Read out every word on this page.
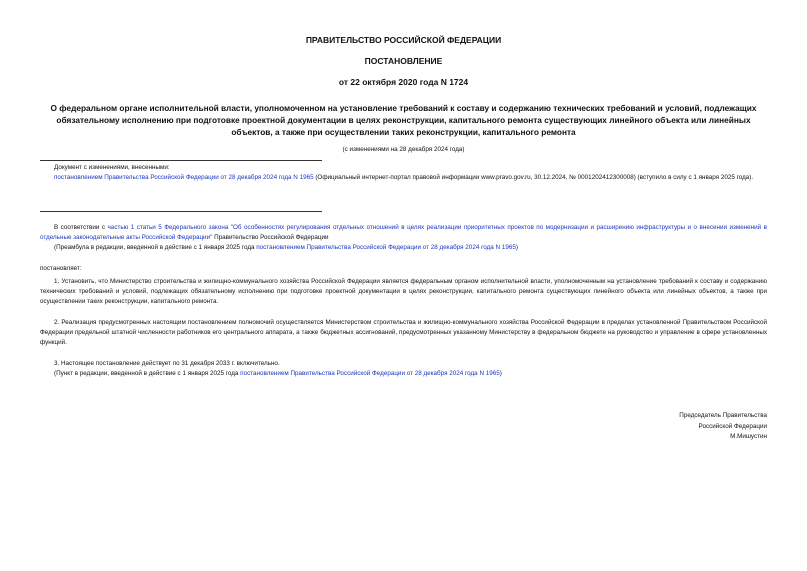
ПРАВИТЕЛЬСТВО РОССИЙСКОЙ ФЕДЕРАЦИИ
ПОСТАНОВЛЕНИЕ
от 22 октября 2020 года N 1724
О федеральном органе исполнительной власти, уполномоченном на установление требований к составу и содержанию технических требований и условий, подлежащих обязательному исполнению при подготовке проектной документации в целях реконструкции, капитального ремонта существующих линейного объекта или линейных объектов, а также при осуществлении таких реконструкции, капитального ремонта
(с изменениями на 28 декабря 2024 года)
Документ с изменениями, внесенными:
постановлением Правительства Российской Федерации от 28 декабря 2024 года N 1965 (Официальный интернет-портал правовой информации www.pravo.gov.ru, 30.12.2024, № 0001202412300008) (вступило в силу с 1 января 2025 года).
В соответствии с частью 1 статьи 5 Федерального закона "Об особенностях регулирования отдельных отношений в целях реализации приоритетных проектов по модернизации и расширению инфраструктуры и о внесении изменений в отдельные законодательные акты Российской Федерации" Правительство Российской Федерации
(Преамбула в редакции, введенной в действие с 1 января 2025 года постановлением Правительства Российской Федерации от 28 декабря 2024 года N 1965)
постановляет:
1. Установить, что Министерство строительства и жилищно-коммунального хозяйства Российской Федерации является федеральным органом исполнительной власти, уполномоченным на установление требований к составу и содержанию технических требований и условий, подлежащих обязательному исполнению при подготовке проектной документации в целях реконструкции, капитального ремонта существующих линейного объекта или линейных объектов, а также при осуществлении таких реконструкции, капитального ремонта.
2. Реализация предусмотренных настоящим постановлением полномочий осуществляется Министерством строительства и жилищно-коммунального хозяйства Российской Федерации в пределах установленной Правительством Российской Федерации предельной штатной численности работников его центрального аппарата, а также бюджетных ассигнований, предусмотренных указанному Министерству в федеральном бюджете на руководство и управление в сфере установленных функций.
3. Настоящее постановление действует по 31 декабря 2033 г. включительно.
(Пункт в редакции, введенной в действие с 1 января 2025 года постановлением Правительства Российской Федерации от 28 декабря 2024 года N 1965)
Председатель Правительства
Российской Федерации
М.Мишустин
